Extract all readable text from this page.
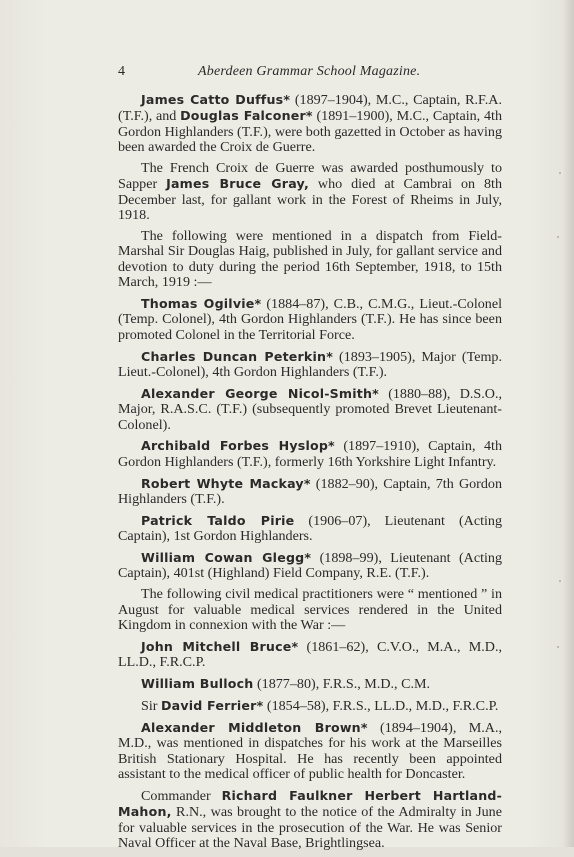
4	Aberdeen Grammar School Magazine.

James Catto Duffus* (1897–1904), M.C., Captain, R.F.A. (T.F.), and Douglas Falconer* (1891–1900), M.C., Captain, 4th Gordon Highlanders (T.F.), were both gazetted in October as having been awarded the Croix de Guerre.

The French Croix de Guerre was awarded posthumously to Sapper James Bruce Gray, who died at Cambrai on 8th December last, for gallant work in the Forest of Rheims in July, 1918.

The following were mentioned in a dispatch from Field-Marshal Sir Douglas Haig, published in July, for gallant service and devotion to duty during the period 16th September, 1918, to 15th March, 1919 :—

Thomas Ogilvie* (1884–87), C.B., C.M.G., Lieut.-Colonel (Temp. Colonel), 4th Gordon Highlanders (T.F.). He has since been promoted Colonel in the Territorial Force.

Charles Duncan Peterkin* (1893–1905), Major (Temp. Lieut.-Colonel), 4th Gordon Highlanders (T.F.).

Alexander George Nicol-Smith* (1880–88), D.S.O., Major, R.A.S.C. (T.F.) (subsequently promoted Brevet Lieutenant-Colonel).

Archibald Forbes Hyslop* (1897–1910), Captain, 4th Gordon Highlanders (T.F.), formerly 16th Yorkshire Light Infantry.

Robert Whyte Mackay* (1882–90), Captain, 7th Gordon Highlanders (T.F.).

Patrick Taldo Pirie (1906–07), Lieutenant (Acting Captain), 1st Gordon Highlanders.

William Cowan Glegg* (1898–99), Lieutenant (Acting Captain), 401st (Highland) Field Company, R.E. (T.F.).

The following civil medical practitioners were “ mentioned ” in August for valuable medical services rendered in the United Kingdom in connexion with the War :—

John Mitchell Bruce* (1861–62), C.V.O., M.A., M.D., LL.D., F.R.C.P.

William Bulloch (1877–80), F.R.S., M.D., C.M.

Sir David Ferrier* (1854–58), F.R.S., LL.D., M.D., F.R.C.P.

Alexander Middleton Brown* (1894–1904), M.A., M.D., was mentioned in dispatches for his work at the Marseilles British Stationary Hospital. He has recently been appointed assistant to the medical officer of public health for Doncaster.

Commander Richard Faulkner Herbert Hartland-Mahon, R.N., was brought to the notice of the Admiralty in June for valuable services in the prosecution of the War. He was Senior Naval Officer at the Naval Base, Brightlingsea.
